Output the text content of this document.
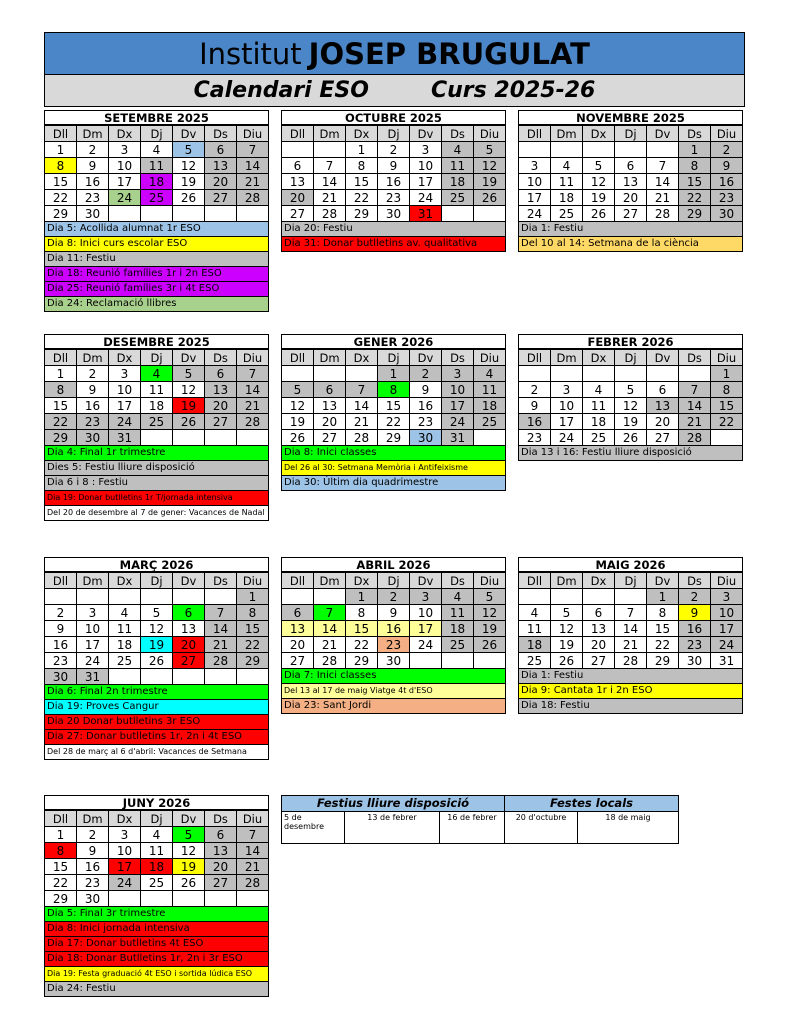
Institut JOSEP BRUGULAT
Calendari ESO	Curs 2025-26
SETEMBRE 2025
Dll	Dm	Dx	Dj	Dv	Ds	Diu
1	2	3	4	5	6	7
8	9	10	11	12	13	14
15	16	17	18	19	20	21
22	23	24	25	26	27	28
29	30					
Dia 5: Acollida alumnat 1r ESO
Dia 8: Inici curs escolar ESO
Dia 11: Festiu
Dia 18: Reunió famílies 1r i 2n ESO
Dia 25: Reunió famílies 3r i 4t ESO
Dia 24: Reclamació llibres
OCTUBRE 2025
Dll	Dm	Dx	Dj	Dv	Ds	Diu
		1	2	3	4	5
6	7	8	9	10	11	12
13	14	15	16	17	18	19
20	21	22	23	24	25	26
27	28	29	30	31		
Dia 20: Festiu
Dia 31: Donar butlletins av. qualitativa
NOVEMBRE 2025
Dll	Dm	Dx	Dj	Dv	Ds	Diu
					1	2
3	4	5	6	7	8	9
10	11	12	13	14	15	16
17	18	19	20	21	22	23
24	25	26	27	28	29	30
Dia 1: Festiu
Del 10 al 14: Setmana de la ciència
DESEMBRE 2025
Dll	Dm	Dx	Dj	Dv	Ds	Diu
1	2	3	4	5	6	7
8	9	10	11	12	13	14
15	16	17	18	19	20	21
22	23	24	25	26	27	28
29	30	31				
Dia 4: Final 1r trimestre
Dies 5: Festiu lliure disposició
Dia 6 i 8 : Festiu
Dia 19: Donar butlletins 1r T/jornada intensiva
Del 20 de desembre al 7 de gener: Vacances de Nadal
GENER 2026
Dll	Dm	Dx	Dj	Dv	Ds	Diu
			1	2	3	4
5	6	7	8	9	10	11
12	13	14	15	16	17	18
19	20	21	22	23	24	25
26	27	28	29	30	31	
Dia 8: Inici classes
Del 26 al 30: Setmana Memòria i Antifeixisme
Dia 30: Últim dia quadrimestre
FEBRER 2026
Dll	Dm	Dx	Dj	Dv	Ds	Diu
						1
2	3	4	5	6	7	8
9	10	11	12	13	14	15
16	17	18	19	20	21	22
23	24	25	26	27	28	
Dia 13 i 16: Festiu lliure disposició
MARÇ 2026
Dll	Dm	Dx	Dj	Dv	Ds	Diu
						1
2	3	4	5	6	7	8
9	10	11	12	13	14	15
16	17	18	19	20	21	22
23	24	25	26	27	28	29
30	31					
Dia 6: Final 2n trimestre
Dia 19: Proves Cangur
Dia 20 Donar butlletins 3r ESO
Dia 27: Donar butlletins 1r, 2n i 4t ESO
Del 28 de març al 6 d'abril: Vacances de Setmana
ABRIL 2026
Dll	Dm	Dx	Dj	Dv	Ds	Diu
		1	2	3	4	5
6	7	8	9	10	11	12
13	14	15	16	17	18	19
20	21	22	23	24	25	26
27	28	29	30			
Dia 7: Inici classes
Del 13 al 17 de maig Viatge 4t d'ESO
Dia 23: Sant Jordi
MAIG 2026
Dll	Dm	Dx	Dj	Dv	Ds	Diu
				1	2	3
4	5	6	7	8	9	10
11	12	13	14	15	16	17
18	19	20	21	22	23	24
25	26	27	28	29	30	31
Dia 1: Festiu
Dia 9: Cantata 1r i 2n ESO
Dia 18: Festiu
JUNY 2026
Dll	Dm	Dx	Dj	Dv	Ds	Diu
1	2	3	4	5	6	7
8	9	10	11	12	13	14
15	16	17	18	19	20	21
22	23	24	25	26	27	28
29	30					
Dia 5: Final 3r trimestre
Dia 8: Inici jornada intensiva
Dia 17: Donar butlletins 4t ESO
Dia 18: Donar Butlletins 1r, 2n i 3r ESO
Dia 19: Festa graduació 4t ESO i sortida lúdica ESO
Dia 24: Festiu
Festius lliure disposició			Festes locals	
5 de desembre	13 de febrer	16 de febrer	20 d'octubre	18 de maig
